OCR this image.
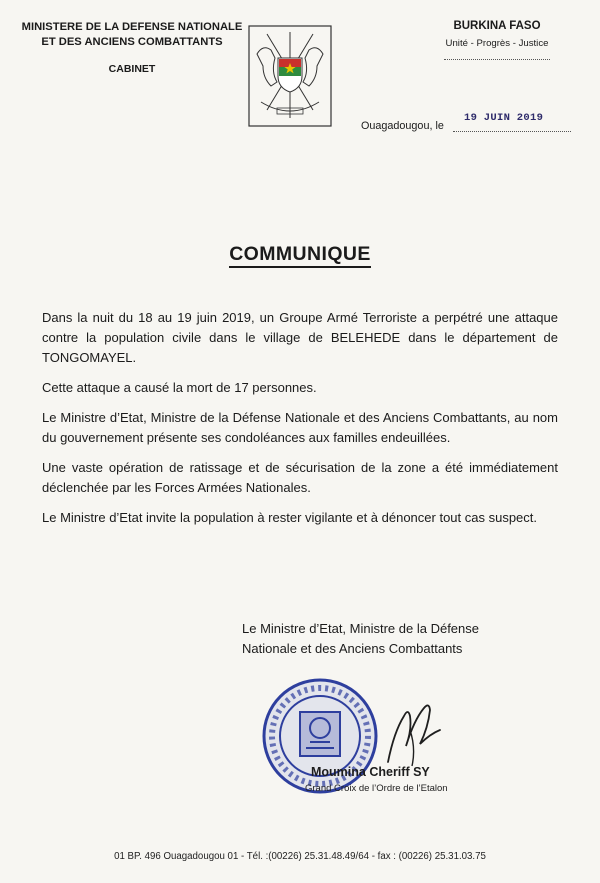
MINISTERE DE LA DEFENSE NATIONALE
ET DES ANCIENS COMBATTANTS
CABINET
BURKINA FASO
Unité - Progrès - Justice
Ouagadougou, le
19 JUIN 2019
COMMUNIQUE

Dans la nuit du 18 au 19 juin 2019, un Groupe Armé Terroriste a perpétré une attaque contre la population civile dans le village de BELEHEDE dans le département de TONGOMAYEL.

Cette attaque a causé la mort de 17 personnes.

Le Ministre d’Etat, Ministre de la Défense Nationale et des Anciens Combattants, au nom du gouvernement présente ses condoléances aux familles endeuillées.

Une vaste opération de ratissage et de sécurisation de la zone a été immédiatement déclenchée par les Forces Armées Nationales.

Le Ministre d’Etat invite la population à rester vigilante et à dénoncer tout cas suspect.

Le Ministre d’Etat, Ministre de la Défense
Nationale et des Anciens Combattants
Moumina Cheriff SY
Grand Croix de l’Ordre de l’Etalon
01 BP. 496 Ouagadougou 01 - Tél. :(00226) 25.31.48.49/64 - fax : (00226) 25.31.03.75
